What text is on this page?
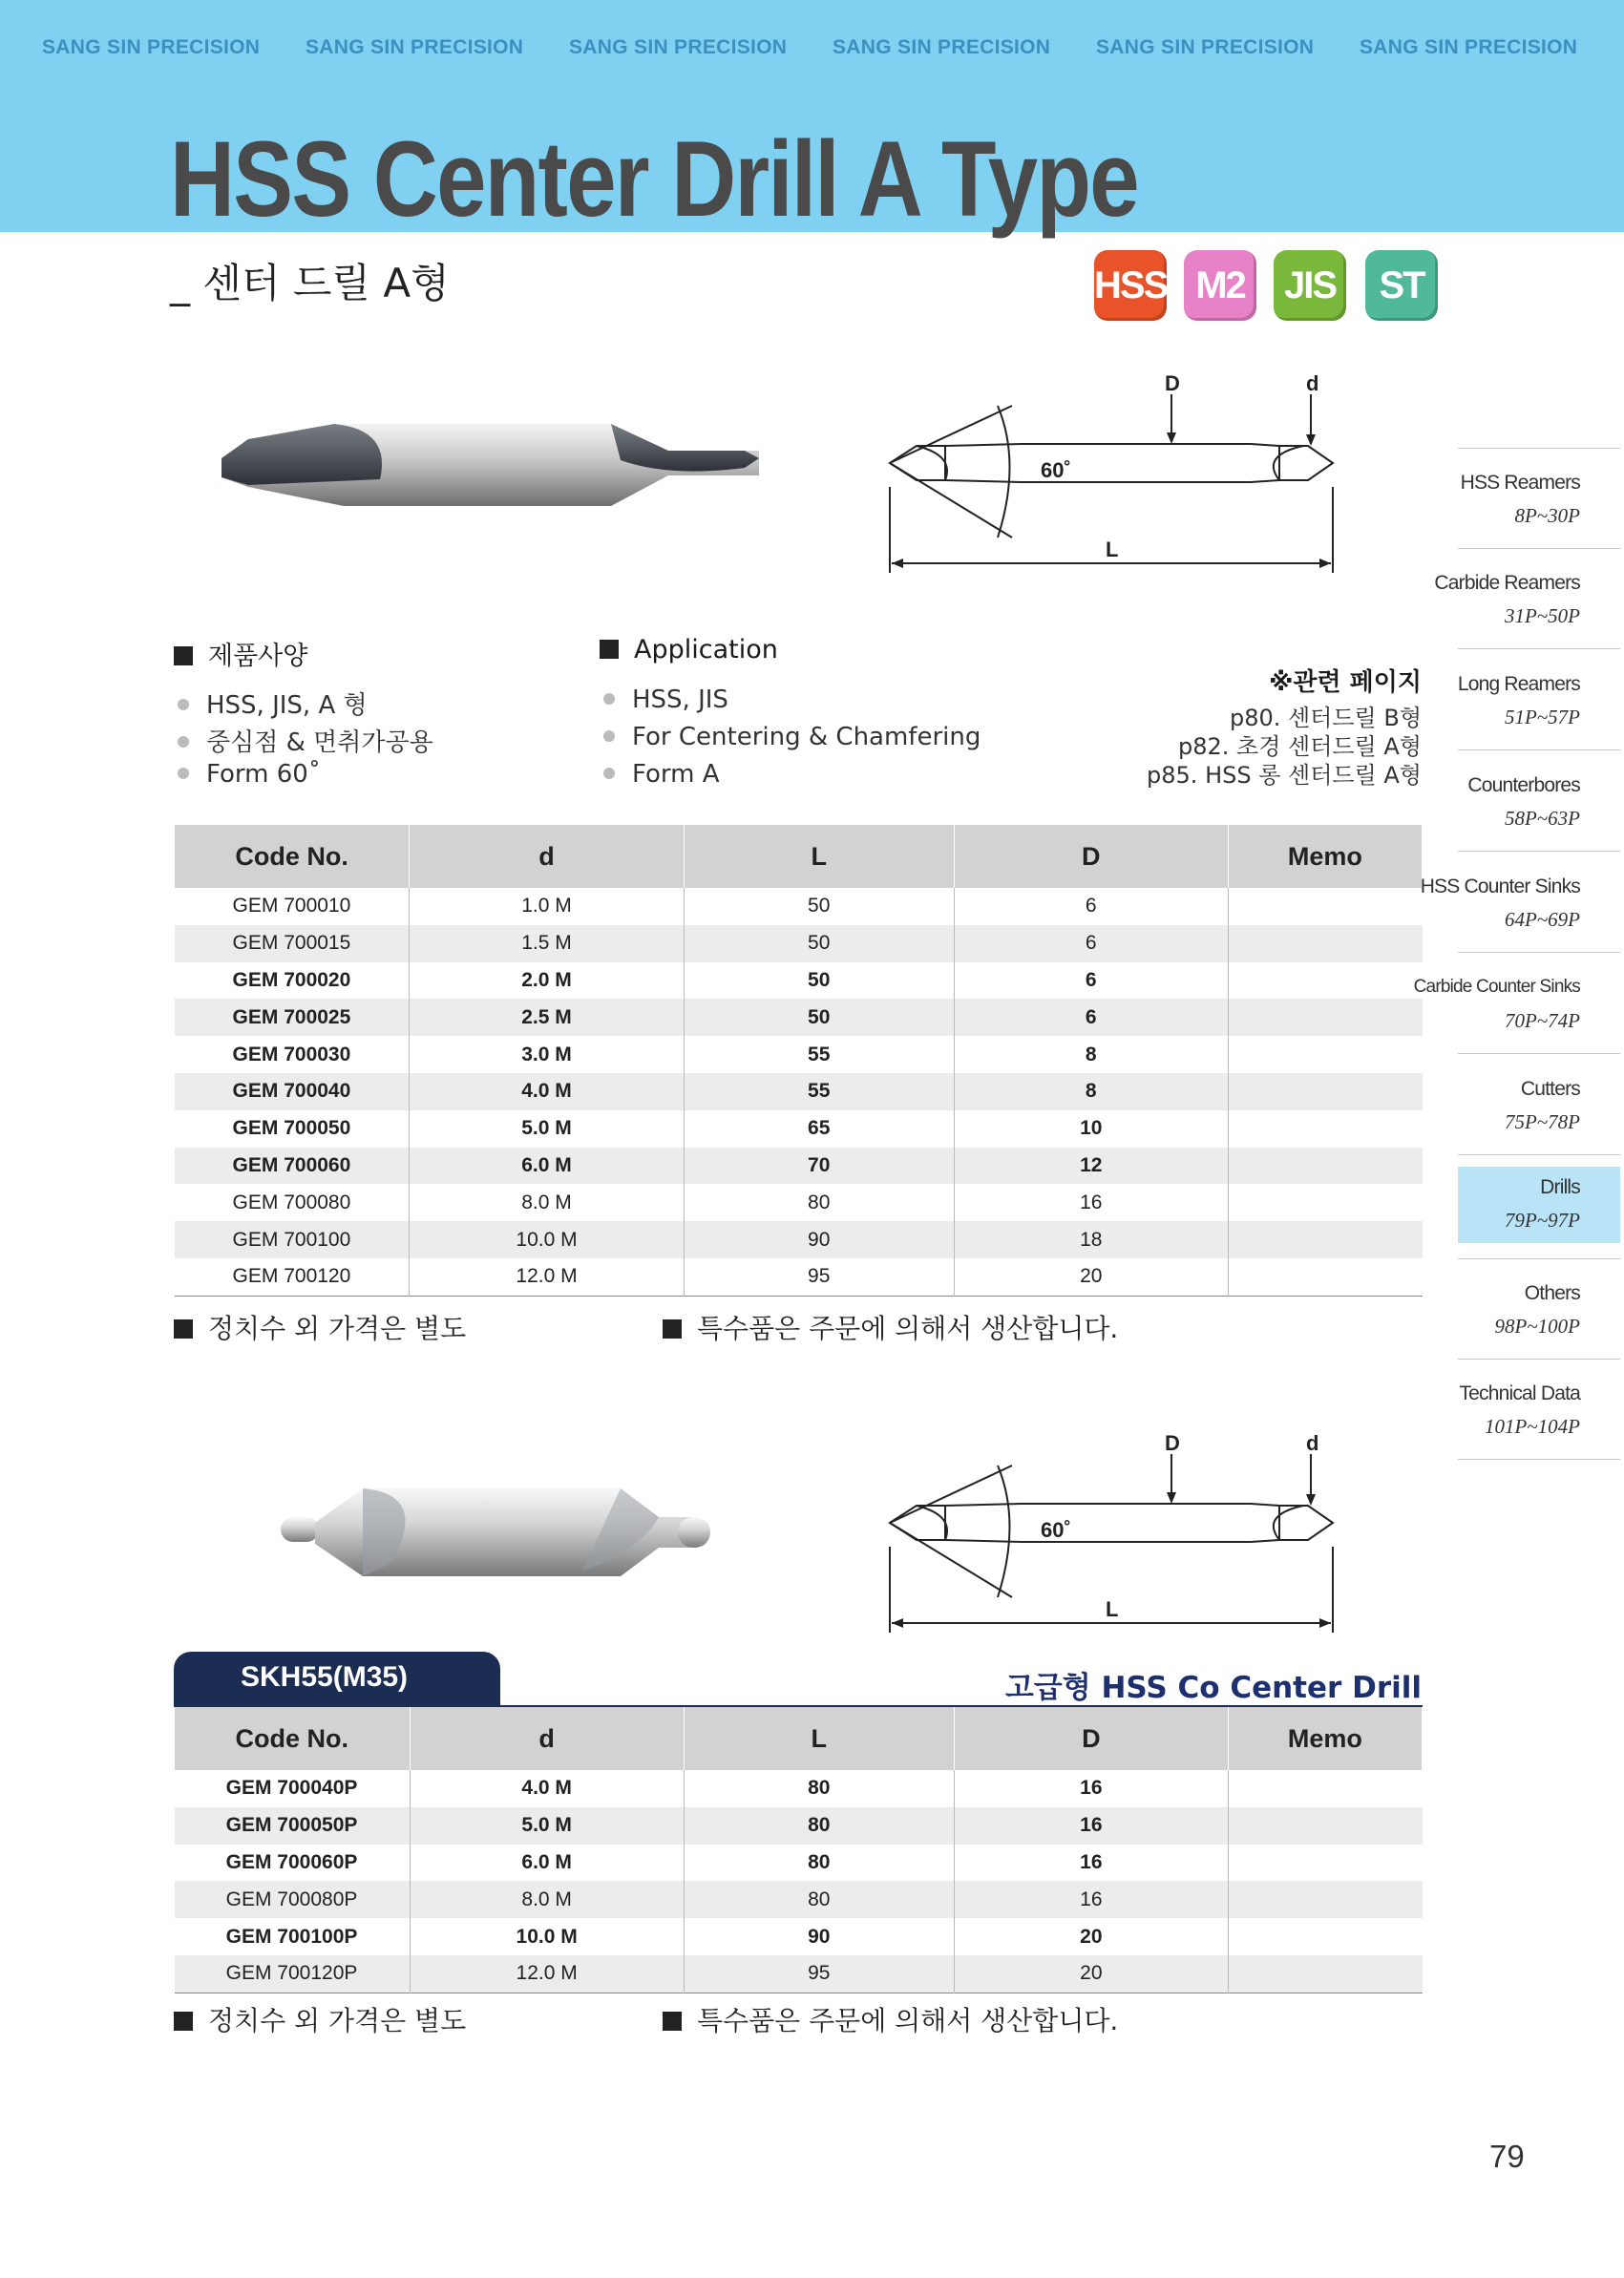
SANG SIN PRECISION SANG SIN PRECISION SANG SIN PRECISION SANG SIN PRECISION SANG SIN PRECISION SANG SIN PRECISION
HSS Center Drill A Type
_ 센터 드릴 A형	HSS M2	JIS	ST
D	d
60˚
L
제품사양
HSS, JIS, A 형
중심점 & 면취가공용
Form 60˚
Application
HSS, JIS
For Centering & Chamfering
Form A
※관련 페이지
p80. 센터드릴 B형
p82. 초경 센터드릴 A형
p85. HSS 롱 센터드릴 A형
Code No.	d	L	D	Memo
GEM 700010	1.0 M	50	6	
GEM 700015	1.5 M	50	6	
GEM 700020	2.0 M	50	6	
GEM 700025	2.5 M	50	6	
GEM 700030	3.0 M	55	8	
GEM 700040	4.0 M	55	8	
GEM 700050	5.0 M	65	10	
GEM 700060	6.0 M	70	12	
GEM 700080	8.0 M	80	16	
GEM 700100	10.0 M	90	18	
GEM 700120	12.0 M	95	20	
정치수 외 가격은 별도	특수품은 주문에 의해서 생산합니다.
D	d
60˚
L
SKH55(M35)	고급형 HSS Co Center Drill
Code No.	d	L	D	Memo
GEM 700040P	4.0 M	80	16	
GEM 700050P	5.0 M	80	16	
GEM 700060P	6.0 M	80	16	
GEM 700080P	8.0 M	80	16	
GEM 700100P	10.0 M	90	20	
GEM 700120P	12.0 M	95	20	
정치수 외 가격은 별도	특수품은 주문에 의해서 생산합니다.
HSS Reamers
8P~30P
Carbide Reamers
31P~50P
Long Reamers
51P~57P
Counterbores
58P~63P
HSS Counter Sinks
64P~69P
Carbide Counter Sinks
70P~74P
Cutters
75P~78P
Drills
79P~97P
Others
98P~100P
Technical Data
101P~104P
79
